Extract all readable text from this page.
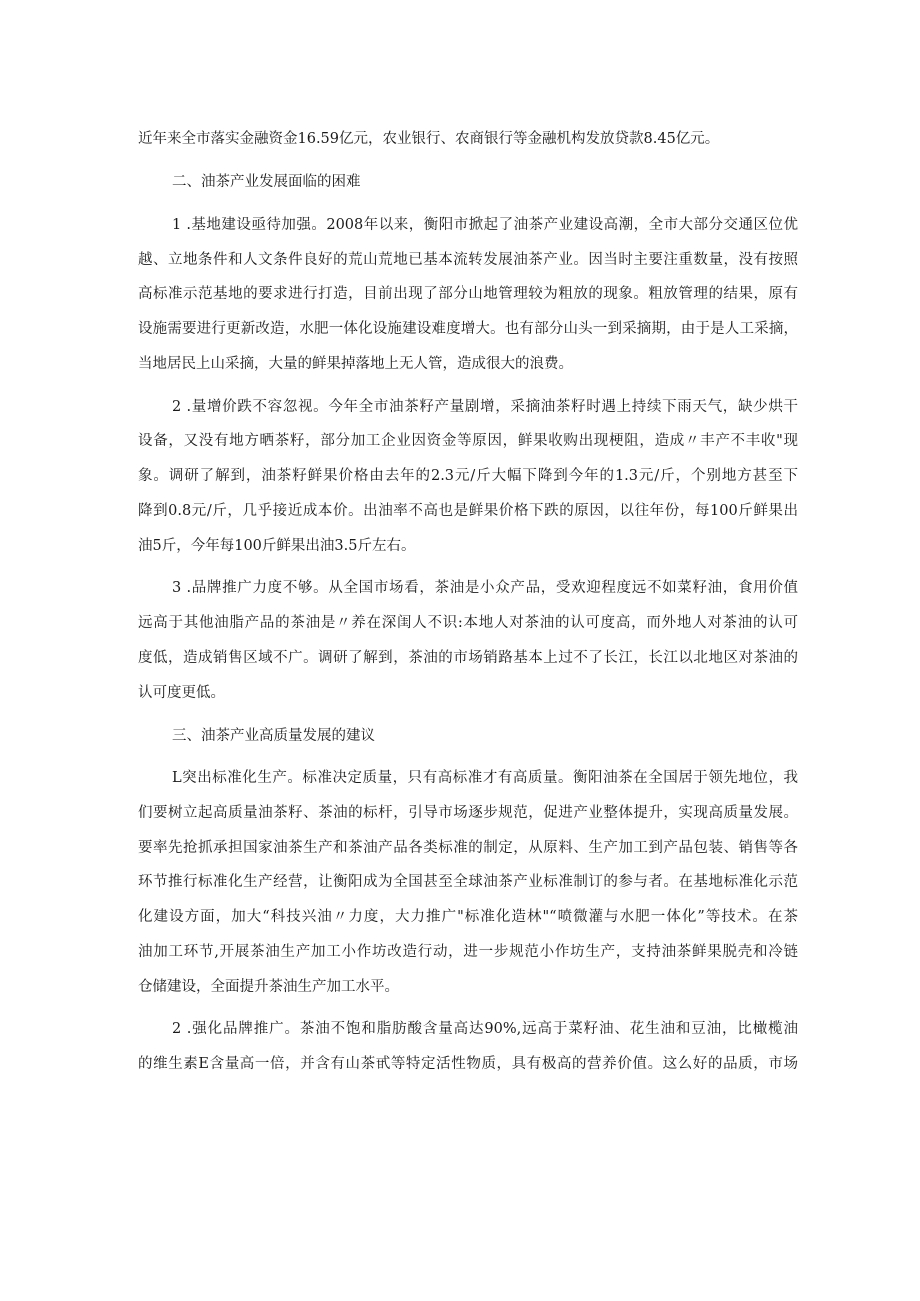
近年来全市落实金融资金16.59亿元，农业银行、农商银行等金融机构发放贷款8.45亿元。
二、油茶产业发展面临的困难
1 .基地建设亟待加强。2008年以来，衡阳市掀起了油茶产业建设高潮，全市大部分交通区位优
越、立地条件和人文条件良好的荒山荒地已基本流转发展油茶产业。因当时主要注重数量，没有按照
高标准示范基地的要求进行打造，目前出现了部分山地管理较为粗放的现象。粗放管理的结果，原有
设施需要进行更新改造，水肥一体化设施建设难度增大。也有部分山头一到采摘期，由于是人工采摘，
当地居民上山采摘，大量的鲜果掉落地上无人管，造成很大的浪费。
2 .量增价跌不容忽视。今年全市油茶籽产量剧增，采摘油茶籽时遇上持续下雨天气，缺少烘干
设备，又没有地方晒茶籽，部分加工企业因资金等原因，鲜果收购出现梗阻，造成〃丰产不丰收"现
象。调研了解到，油茶籽鲜果价格由去年的2.3元/斤大幅下降到今年的1.3元/斤，个别地方甚至下
降到0.8元/斤，几乎接近成本价。出油率不高也是鲜果价格下跌的原因，以往年份，每100斤鲜果出
油5斤，今年每100斤鲜果出油3.5斤左右。
3 .品牌推广力度不够。从全国市场看，茶油是小众产品，受欢迎程度远不如菜籽油，食用价值
远高于其他油脂产品的茶油是〃养在深闺人不识:本地人对茶油的认可度高，而外地人对茶油的认可
度低，造成销售区域不广。调研了解到，茶油的市场销路基本上过不了长江，长江以北地区对茶油的
认可度更低。
三、油茶产业高质量发展的建议
L突出标准化生产。标准决定质量，只有高标准才有高质量。衡阳油茶在全国居于领先地位，我
们要树立起高质量油茶籽、茶油的标杆，引导市场逐步规范，促进产业整体提升，实现高质量发展。
要率先抢抓承担国家油茶生产和茶油产品各类标准的制定，从原料、生产加工到产品包装、销售等各
环节推行标准化生产经营，让衡阳成为全国甚至全球油茶产业标准制订的参与者。在基地标准化示范
化建设方面，加大“科技兴油〃力度，大力推广"标准化造林"“喷微灌与水肥一体化”等技术。在茶
油加工环节,开展茶油生产加工小作坊改造行动，进一步规范小作坊生产，支持油茶鲜果脱壳和冷链
仓储建设，全面提升茶油生产加工水平。
2 .强化品牌推广。茶油不饱和脂肪酸含量高达90%,远高于菜籽油、花生油和豆油，比橄榄油
的维生素E含量高一倍，并含有山茶甙等特定活性物质，具有极高的营养价值。这么好的品质，市场
